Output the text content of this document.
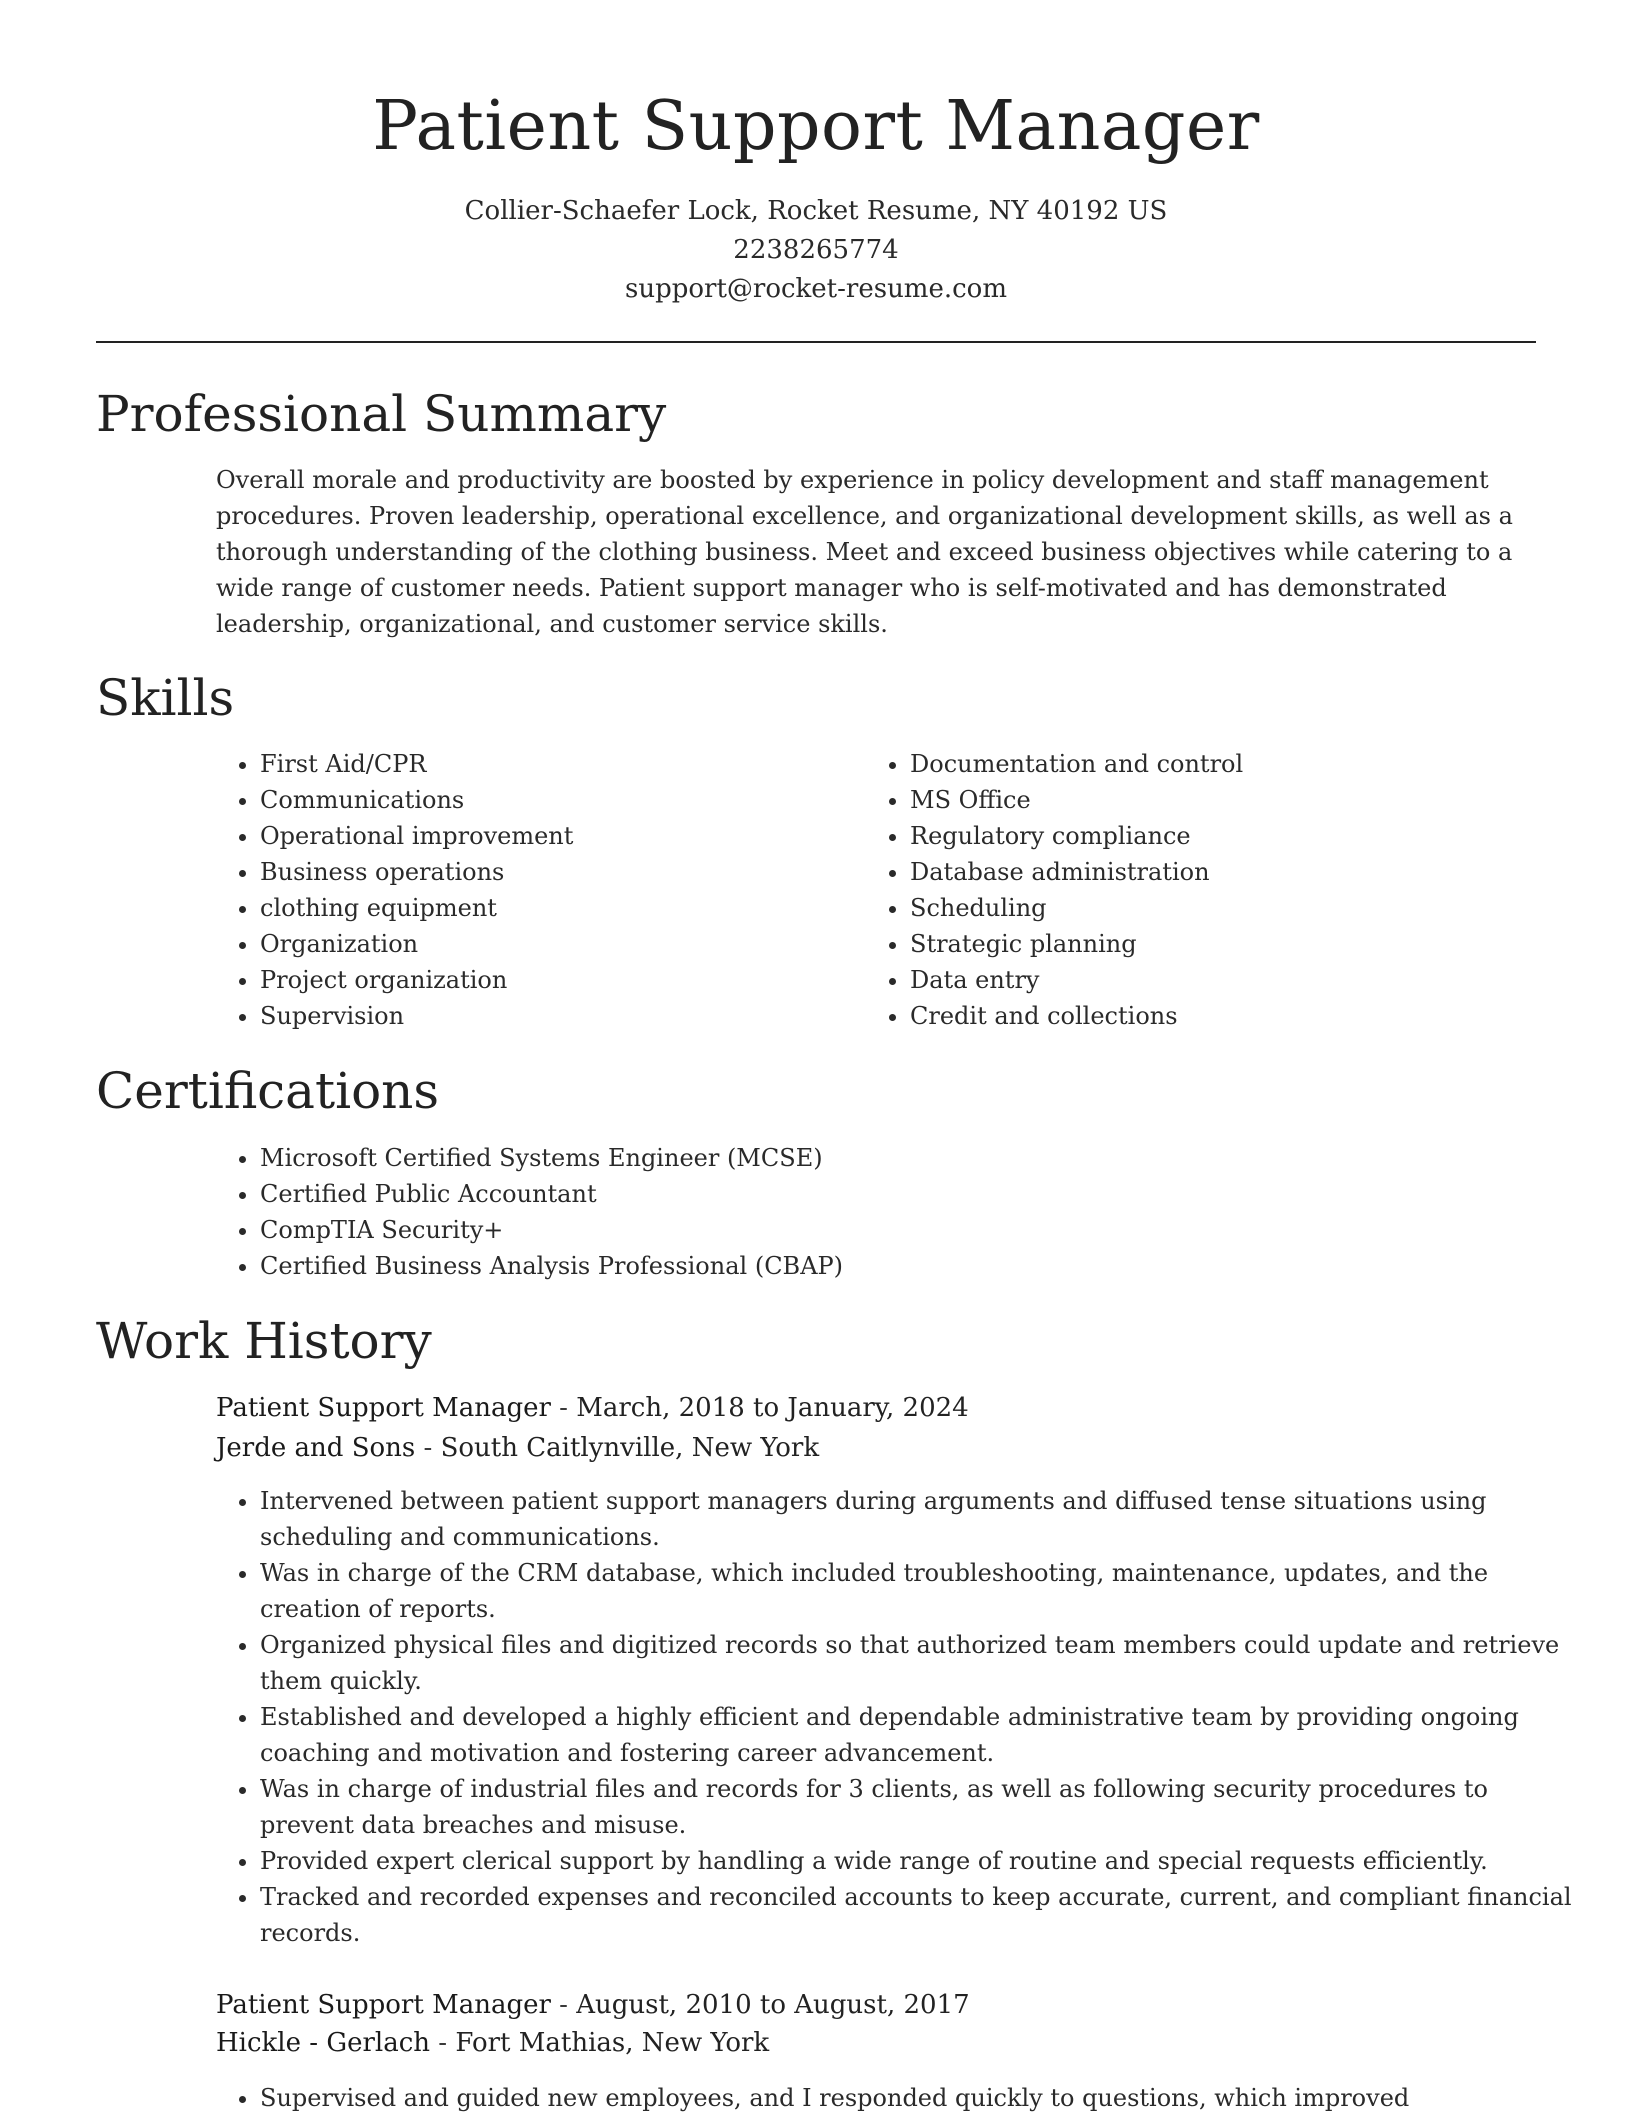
Patient Support Manager
Collier-Schaefer Lock, Rocket Resume, NY 40192 US
2238265774
support@rocket-resume.com
Professional Summary

Overall morale and productivity are boosted by experience in policy development and staff management procedures. Proven leadership, operational excellence, and organizational development skills, as well as a thorough understanding of the clothing business. Meet and exceed business objectives while catering to a wide range of customer needs. Patient support manager who is self-motivated and has demonstrated leadership, organizational, and customer service skills.

Skills
• First Aid/CPR
• Communications
• Operational improvement
• Business operations
• clothing equipment
• Organization
• Project organization
• Supervision
• Documentation and control
• MS Office
• Regulatory compliance
• Database administration
• Scheduling
• Strategic planning
• Data entry
• Credit and collections
Certifications
• Microsoft Certified Systems Engineer (MCSE)
• Certified Public Accountant
• CompTIA Security+
• Certified Business Analysis Professional (CBAP)
Work History
Patient Support Manager - March, 2018 to January, 2024
Jerde and Sons - South Caitlynville, New York
• Intervened between patient support managers during arguments and diffused tense situations using scheduling and communications.
• Was in charge of the CRM database, which included troubleshooting, maintenance, updates, and the creation of reports.
• Organized physical files and digitized records so that authorized team members could update and retrieve them quickly.
• Established and developed a highly efficient and dependable administrative team by providing ongoing coaching and motivation and fostering career advancement.
• Was in charge of industrial files and records for 3 clients, as well as following security procedures to prevent data breaches and misuse.
• Provided expert clerical support by handling a wide range of routine and special requests efficiently.
• Tracked and recorded expenses and reconciled accounts to keep accurate, current, and compliant financial records.
Patient Support Manager - August, 2010 to August, 2017
Hickle - Gerlach - Fort Mathias, New York
• Supervised and guided new employees, and I responded quickly to questions, which improved
